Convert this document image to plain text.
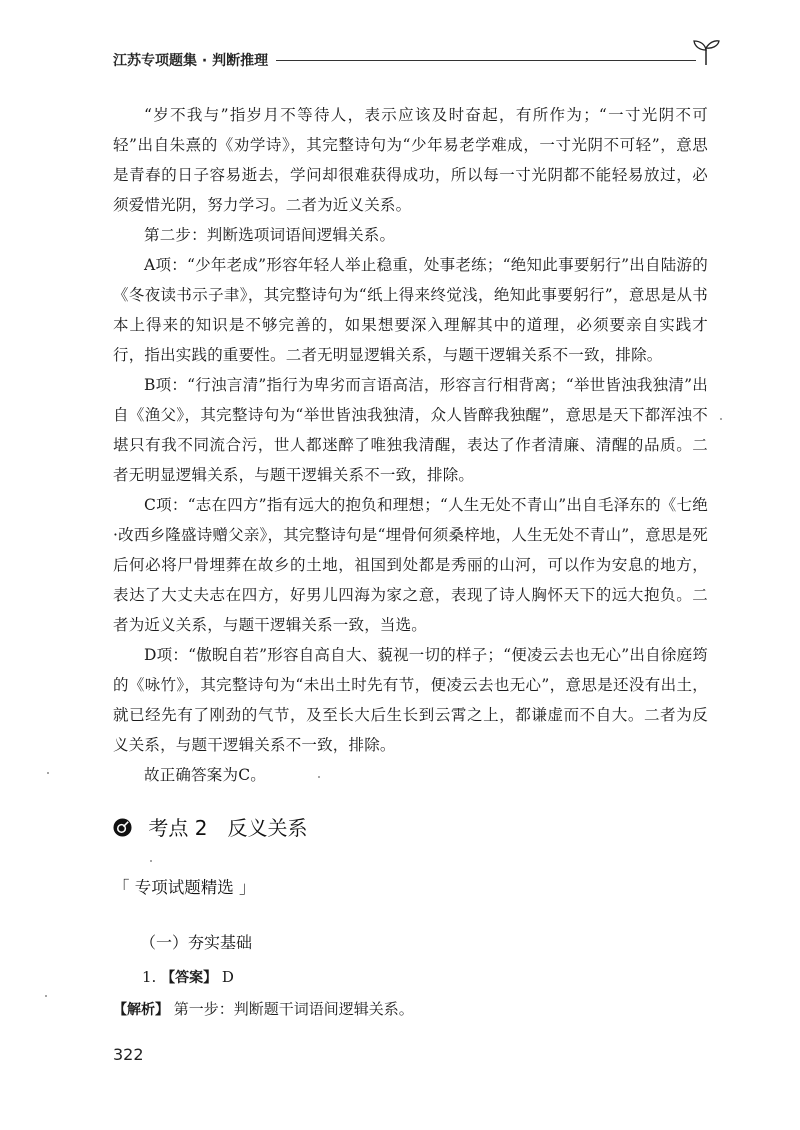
江苏专项题集 · 判断推理

“岁不我与”指岁月不等待人，表示应该及时奋起，有所作为；“一寸光阴不可轻”出自朱熹的《劝学诗》，其完整诗句为“少年易老学难成，一寸光阴不可轻”，意思是青春的日子容易逝去，学问却很难获得成功，所以每一寸光阴都不能轻易放过，必须爱惜光阴，努力学习。二者为近义关系。

第二步：判断选项词语间逻辑关系。

A项：“少年老成”形容年轻人举止稳重，处事老练；“绝知此事要躬行”出自陆游的《冬夜读书示子聿》，其完整诗句为“纸上得来终觉浅，绝知此事要躬行”，意思是从书本上得来的知识是不够完善的，如果想要深入理解其中的道理，必须要亲自实践才行，指出实践的重要性。二者无明显逻辑关系，与题干逻辑关系不一致，排除。

B项：“行浊言清”指行为卑劣而言语高洁，形容言行相背离；“举世皆浊我独清”出自《渔父》，其完整诗句为“举世皆浊我独清，众人皆醉我独醒”，意思是天下都浑浊不堪只有我不同流合污，世人都迷醉了唯独我清醒，表达了作者清廉、清醒的品质。二者无明显逻辑关系，与题干逻辑关系不一致，排除。

C项：“志在四方”指有远大的抱负和理想；“人生无处不青山”出自毛泽东的《七绝·改西乡隆盛诗赠父亲》，其完整诗句是“埋骨何须桑梓地，人生无处不青山”，意思是死后何必将尸骨埋葬在故乡的土地，祖国到处都是秀丽的山河，可以作为安息的地方，表达了大丈夫志在四方，好男儿四海为家之意，表现了诗人胸怀天下的远大抱负。二者为近义关系，与题干逻辑关系一致，当选。

D项：“傲睨自若”形容自高自大、藐视一切的样子；“便凌云去也无心”出自徐庭筠的《咏竹》，其完整诗句为“未出土时先有节，便凌云去也无心”，意思是还没有出土，就已经先有了刚劲的气节，及至长大后生长到云霄之上，都谦虚而不自大。二者为反义关系，与题干逻辑关系不一致，排除。

故正确答案为C。

考点 2　反义关系
「 专项试题精选 」
（一）夯实基础
1. 【答案】 D
【解析】 第一步：判断题干词语间逻辑关系。
322
